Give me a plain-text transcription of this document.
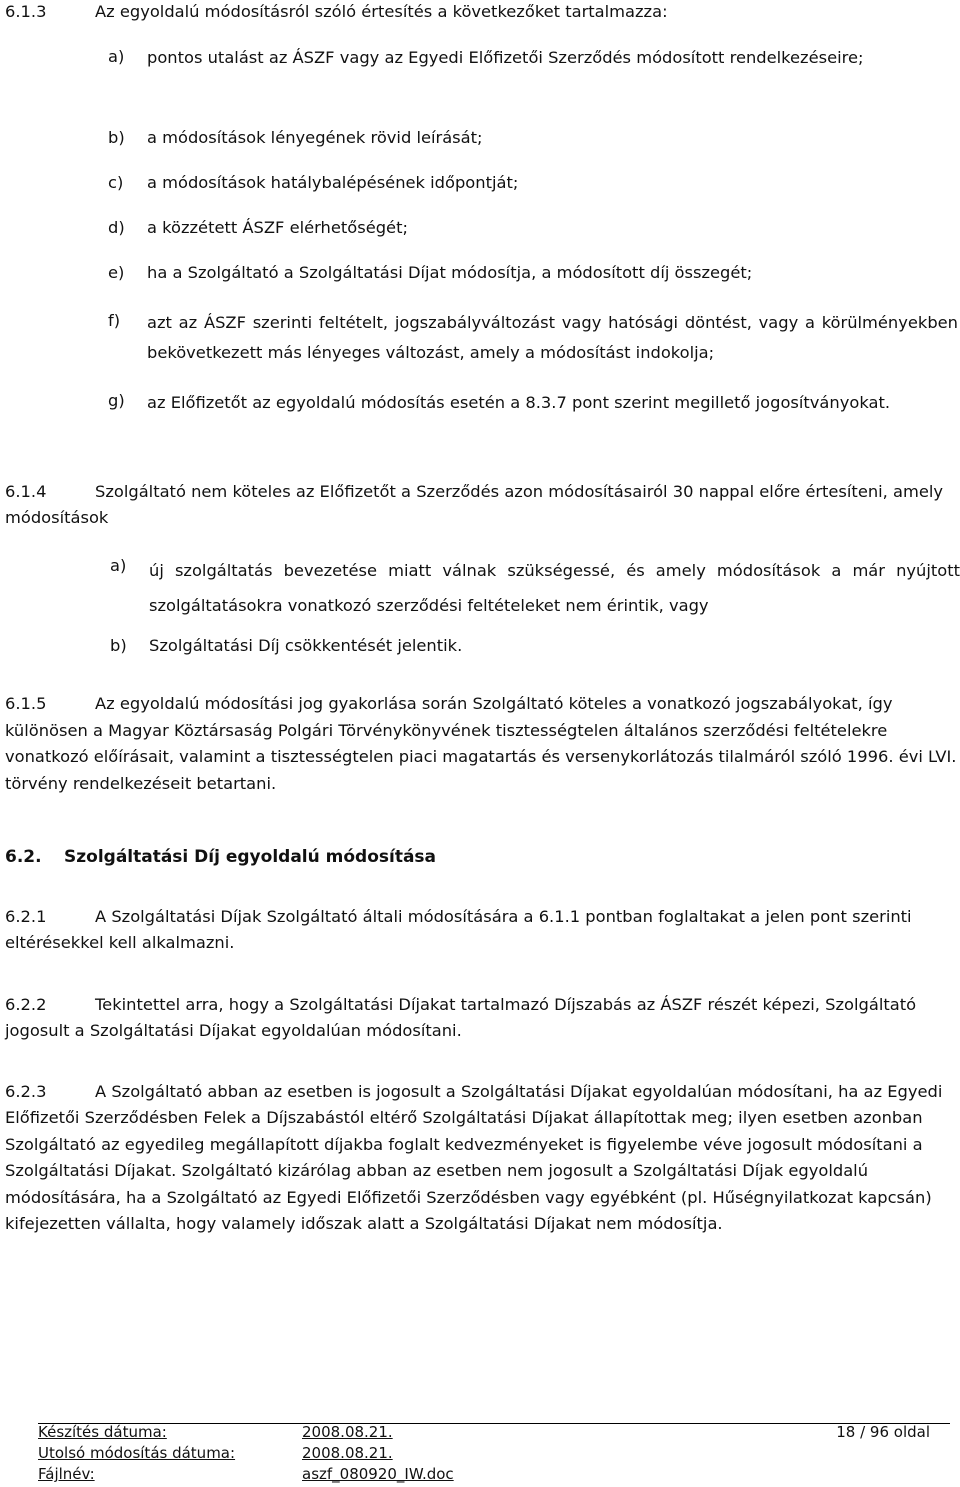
6.1.3	Az egyoldalú módosításról szóló értesítés a következőket tartalmazza:
a)	pontos utalást az ÁSZF vagy az Egyedi Előfizetői Szerződés módosított rendelkezéseire;
b)	a módosítások lényegének rövid leírását;
c)	a módosítások hatálybalépésének időpontját;
d)	a közzétett ÁSZF elérhetőségét;
e)	ha a Szolgáltató a Szolgáltatási Díjat módosítja, a módosított díj összegét;
f)	azt az ÁSZF szerinti feltételt, jogszabályváltozást vagy hatósági döntést, vagy a körülményekben bekövetkezett más lényeges változást, amely a módosítást indokolja;
g)	az Előfizetőt az egyoldalú módosítás esetén a 8.3.7 pont szerint megillető jogosítványokat.
6.1.4	Szolgáltató nem köteles az Előfizetőt a Szerződés azon módosításairól 30 nappal előre értesíteni, amely módosítások
a)	új szolgáltatás bevezetése miatt válnak szükségessé, és amely módosítások a már nyújtott szolgáltatásokra vonatkozó szerződési feltételeket nem érintik, vagy
b)	Szolgáltatási Díj csökkentését jelentik.
6.1.5	Az egyoldalú módosítási jog gyakorlása során Szolgáltató köteles a vonatkozó jogszabályokat, így különösen a Magyar Köztársaság Polgári Törvénykönyvének tisztességtelen általános szerződési feltételekre vonatkozó előírásait, valamint a tisztességtelen piaci magatartás és versenykorlátozás tilalmáról szóló 1996. évi LVI. törvény rendelkezéseit betartani.
6.2. Szolgáltatási Díj egyoldalú módosítása
6.2.1	A Szolgáltatási Díjak Szolgáltató általi módosítására a 6.1.1 pontban foglaltakat a jelen pont szerinti eltérésekkel kell alkalmazni.
6.2.2	Tekintettel arra, hogy a Szolgáltatási Díjakat tartalmazó Díjszabás az ÁSZF részét képezi, Szolgáltató jogosult a Szolgáltatási Díjakat egyoldalúan módosítani.
6.2.3	A Szolgáltató abban az esetben is jogosult a Szolgáltatási Díjakat egyoldalúan módosítani, ha az Egyedi Előfizetői Szerződésben Felek a Díjszabástól eltérő Szolgáltatási Díjakat állapítottak meg; ilyen esetben azonban Szolgáltató az egyedileg megállapított díjakba foglalt kedvezményeket is figyelembe véve jogosult módosítani a Szolgáltatási Díjakat. Szolgáltató kizárólag abban az esetben nem jogosult a Szolgáltatási Díjak egyoldalú módosítására, ha a Szolgáltató az Egyedi Előfizetői Szerződésben vagy egyébként (pl. Hűségnyilatkozat kapcsán) kifejezetten vállalta, hogy valamely időszak alatt a Szolgáltatási Díjakat nem módosítja.
Készítés dátuma:	2008.08.21.	18 / 96 oldal
Utolsó módosítás dátuma:	2008.08.21.
Fájlnév:	aszf_080920_IW.doc
